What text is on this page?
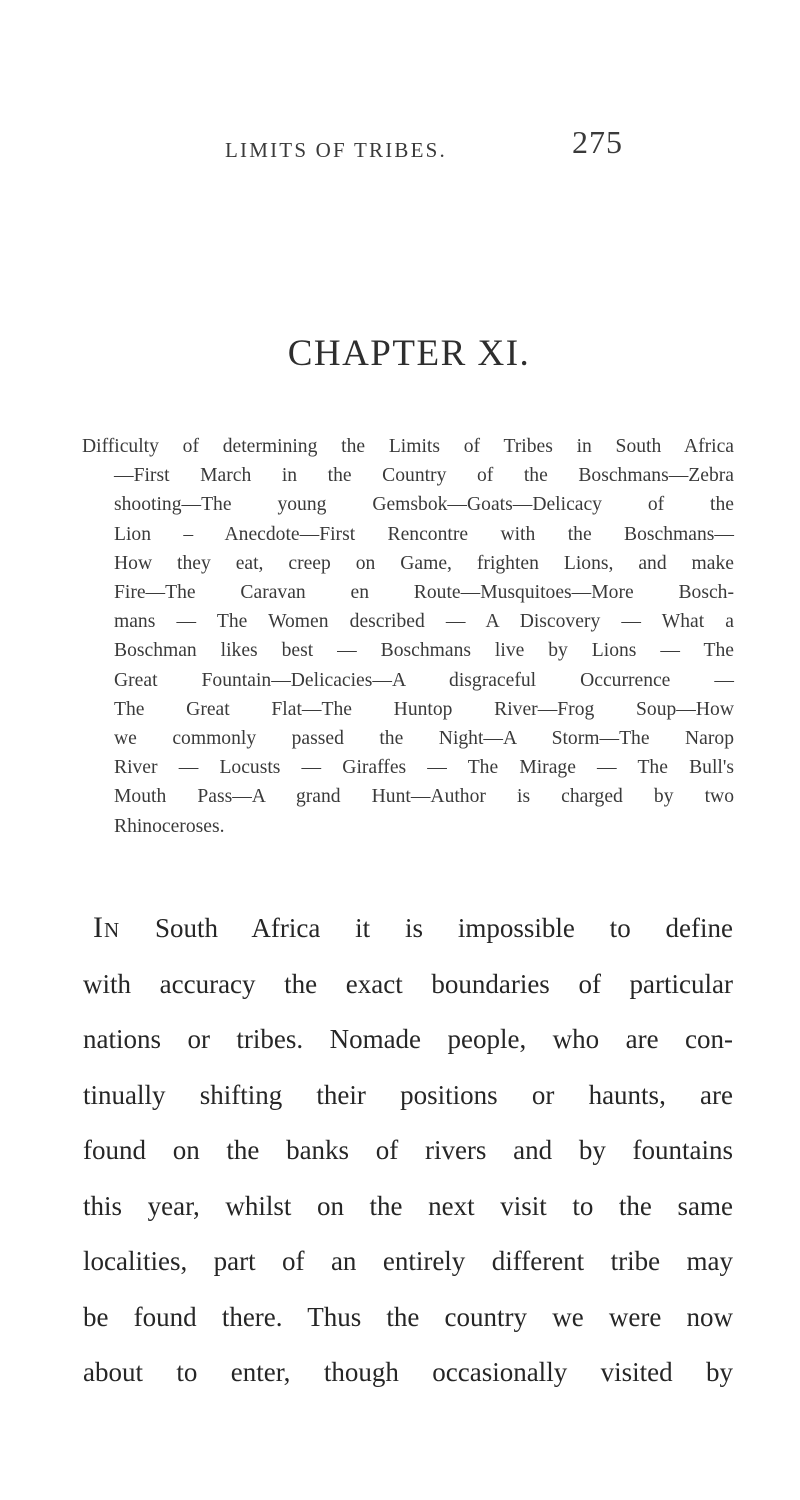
LIMITS OF TRIBES.	275
CHAPTER XI.
Difficulty of determining the Limits of Tribes in South Africa
—First March in the Country of the Boschmans—Zebra
shooting—The young Gemsbok—Goats—Delicacy of the
Lion – Anecdote—First Rencontre with the Boschmans—
How they eat, creep on Game, frighten Lions, and make
Fire—The Caravan en Route—Musquitoes—More Bosch-
mans — The Women described — A Discovery — What a
Boschman likes best — Boschmans live by Lions — The
Great Fountain—Delicacies—A disgraceful Occurrence —
The Great Flat—The Huntop River—Frog Soup—How
we commonly passed the Night—A Storm—The Narop
River — Locusts — Giraffes — The Mirage — The Bull's
Mouth Pass—A grand Hunt—Author is charged by two
Rhinoceroses.
In South Africa it is impossible to define
with accuracy the exact boundaries of particular
nations or tribes. Nomade people, who are con-
tinually shifting their positions or haunts, are
found on the banks of rivers and by fountains
this year, whilst on the next visit to the same
localities, part of an entirely different tribe may
be found there. Thus the country we were now
about to enter, though occasionally visited by
